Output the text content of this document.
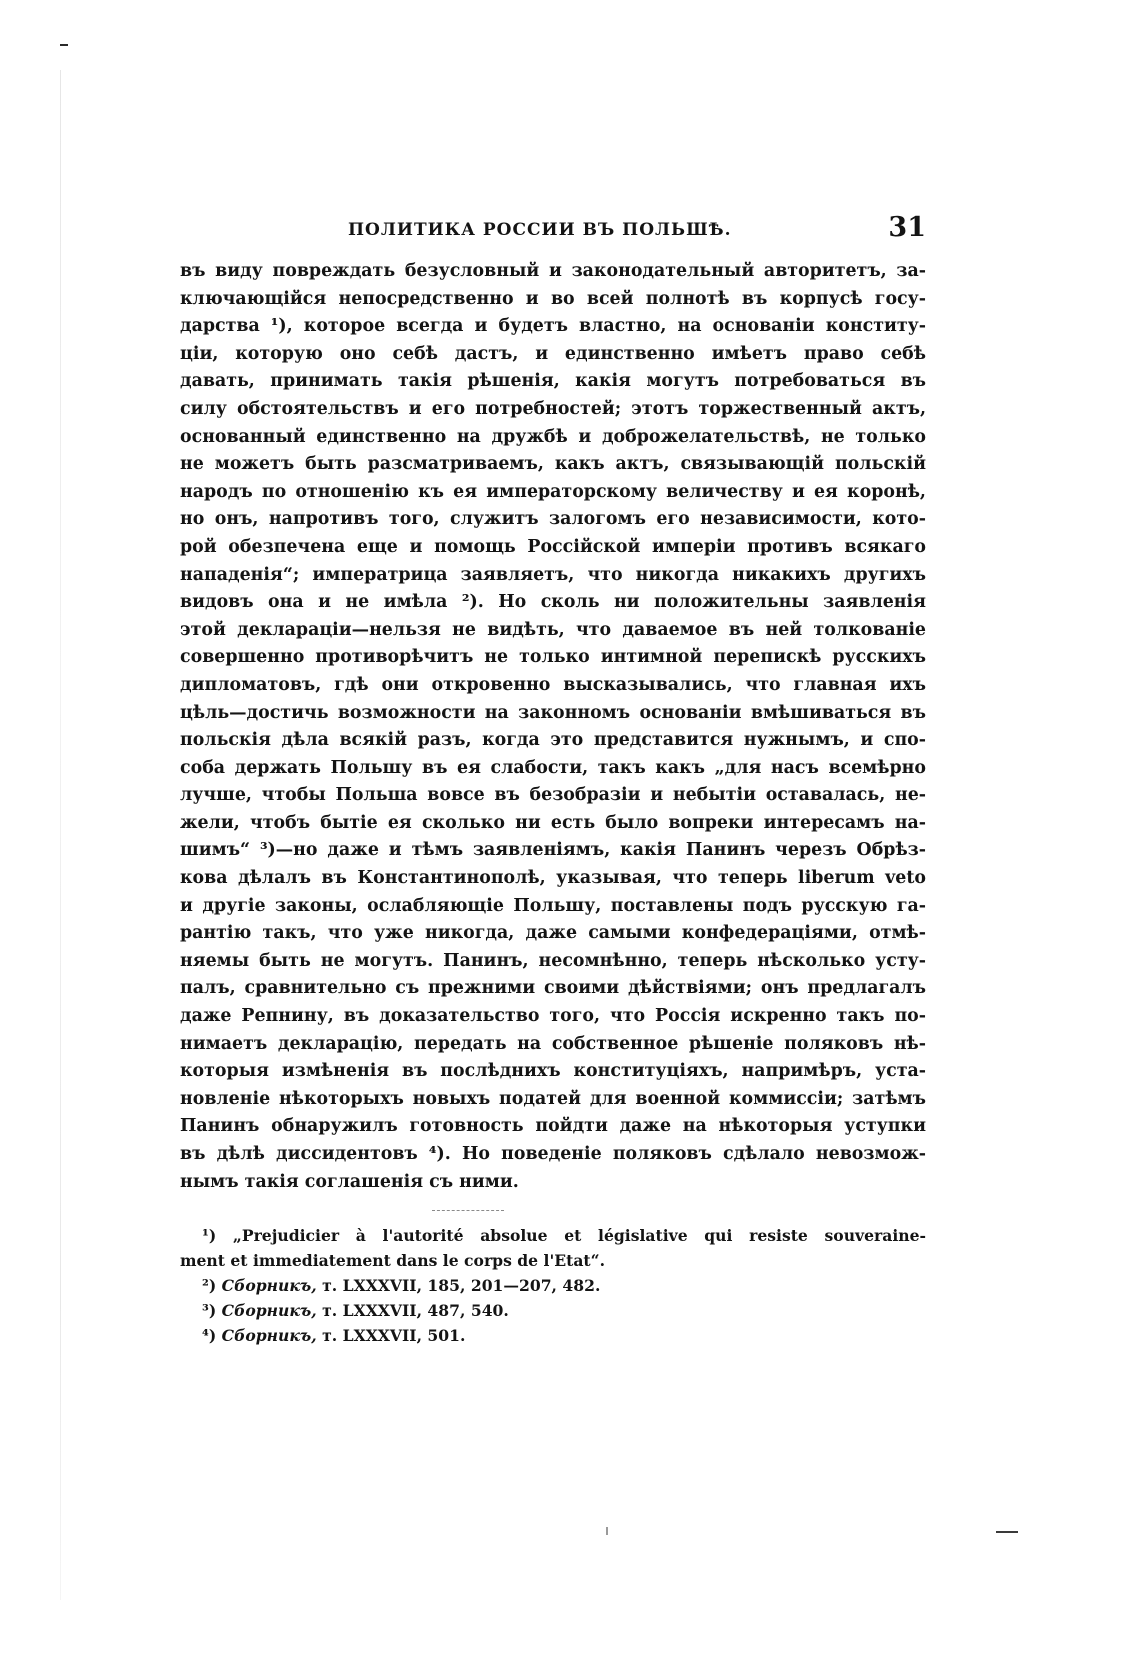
ПОЛИТИКА РОССИИ ВЪ ПОЛЬШѢ.	31
въ виду повреждать безусловный и законодательный авторитетъ, за-
ключающійся непосредственно и во всей полнотѣ въ корпусѣ госу-
дарства ¹), которое всегда и будетъ властно, на основаніи конститу-
ціи, которую оно себѣ дастъ, и единственно имѣетъ право себѣ
давать, принимать такія рѣшенія, какія могутъ потребоваться въ
силу обстоятельствъ и его потребностей; этотъ торжественный актъ,
основанный единственно на дружбѣ и доброжелательствѣ, не только
не можетъ быть разсматриваемъ, какъ актъ, связывающій польскій
народъ по отношенію къ ея императорскому величеству и ея коронѣ,
но онъ, напротивъ того, служитъ залогомъ его независимости, кото-
рой обезпечена еще и помощь Россійской имперіи противъ всякаго
нападенія“; императрица заявляетъ, что никогда никакихъ другихъ
видовъ она и не имѣла ²). Но сколь ни положительны заявленія
этой деклараціи—нельзя не видѣть, что даваемое въ ней толкованіе
совершенно противорѣчитъ не только интимной перепискѣ русскихъ
дипломатовъ, гдѣ они откровенно высказывались, что главная ихъ
цѣль—достичь возможности на законномъ основаніи вмѣшиваться въ
польскія дѣла всякій разъ, когда это представится нужнымъ, и спо-
соба держать Польшу въ ея слабости, такъ какъ „для насъ всемѣрно
лучше, чтобы Польша вовсе въ безобразіи и небытіи оставалась, не-
жели, чтобъ бытіе ея сколько ни есть было вопреки интересамъ на-
шимъ“ ³)—но даже и тѣмъ заявленіямъ, какія Панинъ черезъ Обрѣз-
кова дѣлалъ въ Константинополѣ, указывая, что теперь liberum veto
и другіе законы, ослабляющіе Польшу, поставлены подъ русскую га-
рантію такъ, что уже никогда, даже самыми конфедераціями, отмѣ-
няемы быть не могутъ. Панинъ, несомнѣнно, теперь нѣсколько усту-
палъ, сравнительно съ прежними своими дѣйствіями; онъ предлагалъ
даже Репнину, въ доказательство того, что Россія искренно такъ по-
нимаетъ декларацію, передать на собственное рѣшеніе поляковъ нѣ-
которыя измѣненія въ послѣднихъ конституціяхъ, напримѣръ, уста-
новленіе нѣкоторыхъ новыхъ податей для военной коммиссіи; затѣмъ
Панинъ обнаружилъ готовность пойдти даже на нѣкоторыя уступки
въ дѣлѣ диссидентовъ ⁴). Но поведеніе поляковъ сдѣлало невозмож-
нымъ такія соглашенія съ ними.
¹) „Prejudicier à l'autorité absolue et législative qui resiste souveraine-
ment et immediatement dans le corps de l'Etat“.
²) Сборникъ, т. LXXXVII, 185, 201—207, 482.
³) Сборникъ, т. LXXXVII, 487, 540.
⁴) Сборникъ, т. LXXXVII, 501.
